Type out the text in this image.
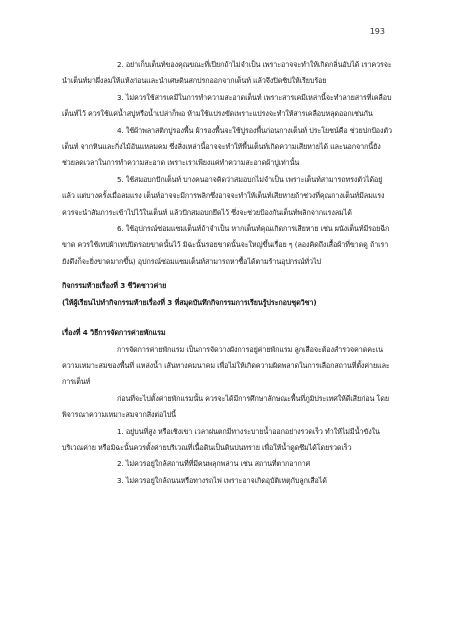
193

2. อย่าเก็บเต็นท์ของคุณขณะที่เปียกถ้าไม่จำเป็น เพราะอาจจะทำให้เกิดกลิ่นอับได้ เราควรจะนำเต็นท์มาผึ่งลมให้แห้งก่อนและนำเศษดินสกปรกออกจากเต็นท์ แล้วจึงปิดซิปให้เรียบร้อย

3. ไม่ควรใช้สารเคมีในการทำความสะอาดเต็นท์ เพราะสารเคมีเหล่านี้จะทำลายสารที่เคลือบเต็นท์ไว้ ควรใช้แค่น้ำสบู่หรือน้ำเปล่าก็พอ ห้ามใช้แปรงขัดเพราะแปรงจะทำให้สารเคลือบหลุดออกเช่นกัน

4. ใช้ผ้าพลาสติกปูรองพื้น ผ้ารองพื้นจะใช้ปูรองพื้นก่อนกางเต็นท์ ประโยชน์คือ ช่วยปกป้องตัวเต็นท์ จากหินและกิ่งไม้อันแหลมคม ซึ่งสิ่งเหล่านี้อาจจะทำให้พื้นเต็นท์เกิดความเสียหายได้ และนอกจากนี้ยังช่วยลดเวลาในการทำความสะอาด เพราะเราเพียงแค่ทำความสะอาดผ้าปูเท่านั้น

5. ใช้สมอบกปักเต็นท์ บางคนอาจคิดว่าสมอบกไม่จำเป็น เพราะเต็นท์สามารถทรงตัวได้อยู่แล้ว แต่บางครั้งเมื่อลมแรง เต็นท์อาจจะมีการพลิกซึ่งอาจจะทำให้เต็นท์เสียหายถ้าช่วงที่คุณกางเต็นท์มีลมแรงควรจะนำสัมภาระเข้าไปไว้ในเต็นท์ แล้วปักสมอบกยึดไว้ ซึ่งจะช่วยป้องกันเต็นท์พลิกจากแรงลมได้

6. ใช้อุปกรณ์ซ่อมแซมเต็นท์ถ้าจำเป็น หากเต็นท์คุณเกิดการเสียหาย เช่น ผนังเต็นท์มีรอยฉีกขาด ควรใช้เทปผ้าเทปปิดรอยขาดนั้นไว้ มิฉะนั้นรอยขาดนั้นจะใหญ่ขึ้นเรื่อย ๆ (ลองคิดถึงเสื้อผ้าที่ขาดดู ถ้าเรายังดึงก็จะยิ่งขาดมากขึ้น) อุปกรณ์ซ่อมแซมเต็นท์สามารถหาซื้อได้ตามร้านอุปกรณ์ทั่วไป

กิจกรรมท้ายเรื่องที่ 3 ชีวิตชาวค่าย

(ให้ผู้เรียนไปทำกิจกรรมท้ายเรื่องที่ 3 ที่สมุดบันทึกกิจกรรมการเรียนรู้ประกอบชุดวิชา)

เรื่องที่ 4 วิธีการจัดการค่ายพักแรม

การจัดการค่ายพักแรม เป็นการจัดวางผังการอยู่ค่ายพักแรม ลูกเสือจะต้องสำรวจคาดคะเนความเหมาะสมของพื้นที่ แหล่งน้ำ เส้นทางคมนาคม เพื่อไม่ให้เกิดความผิดพลาดในการเลือกสถานที่ตั้งค่ายและการเต็นท์

ก่อนที่จะไปตั้งค่ายพักแรมนั้น ควรจะได้มีการศึกษาลักษณะพื้นที่ภูมิประเทศให้ดีเสียก่อน โดยพิจารณาความเหมาะสมจากสิ่งต่อไปนี้

1. อยู่บนที่สูง หรือเชิงเขา เวลาฝนตกมีทางระบายน้ำออกอย่างรวดเร็ว ทำให้ไม่มีน้ำขังในบริเวณค่าย หรือมิฉะนั้นควรตั้งค่ายบริเวณที่เนื้อดินเป็นดินปนทราย เพื่อให้น้ำดูดซึมได้โดยรวดเร็ว

2. ไม่ควรอยู่ใกล้สถานที่ที่มีคนพลุกพล่าน เช่น สถานที่ตากอากาศ

3. ไม่ควรอยู่ใกล้ถนนหรือทางรถไฟ เพราะอาจเกิดอุบัติเหตุกับลูกเสือได้
